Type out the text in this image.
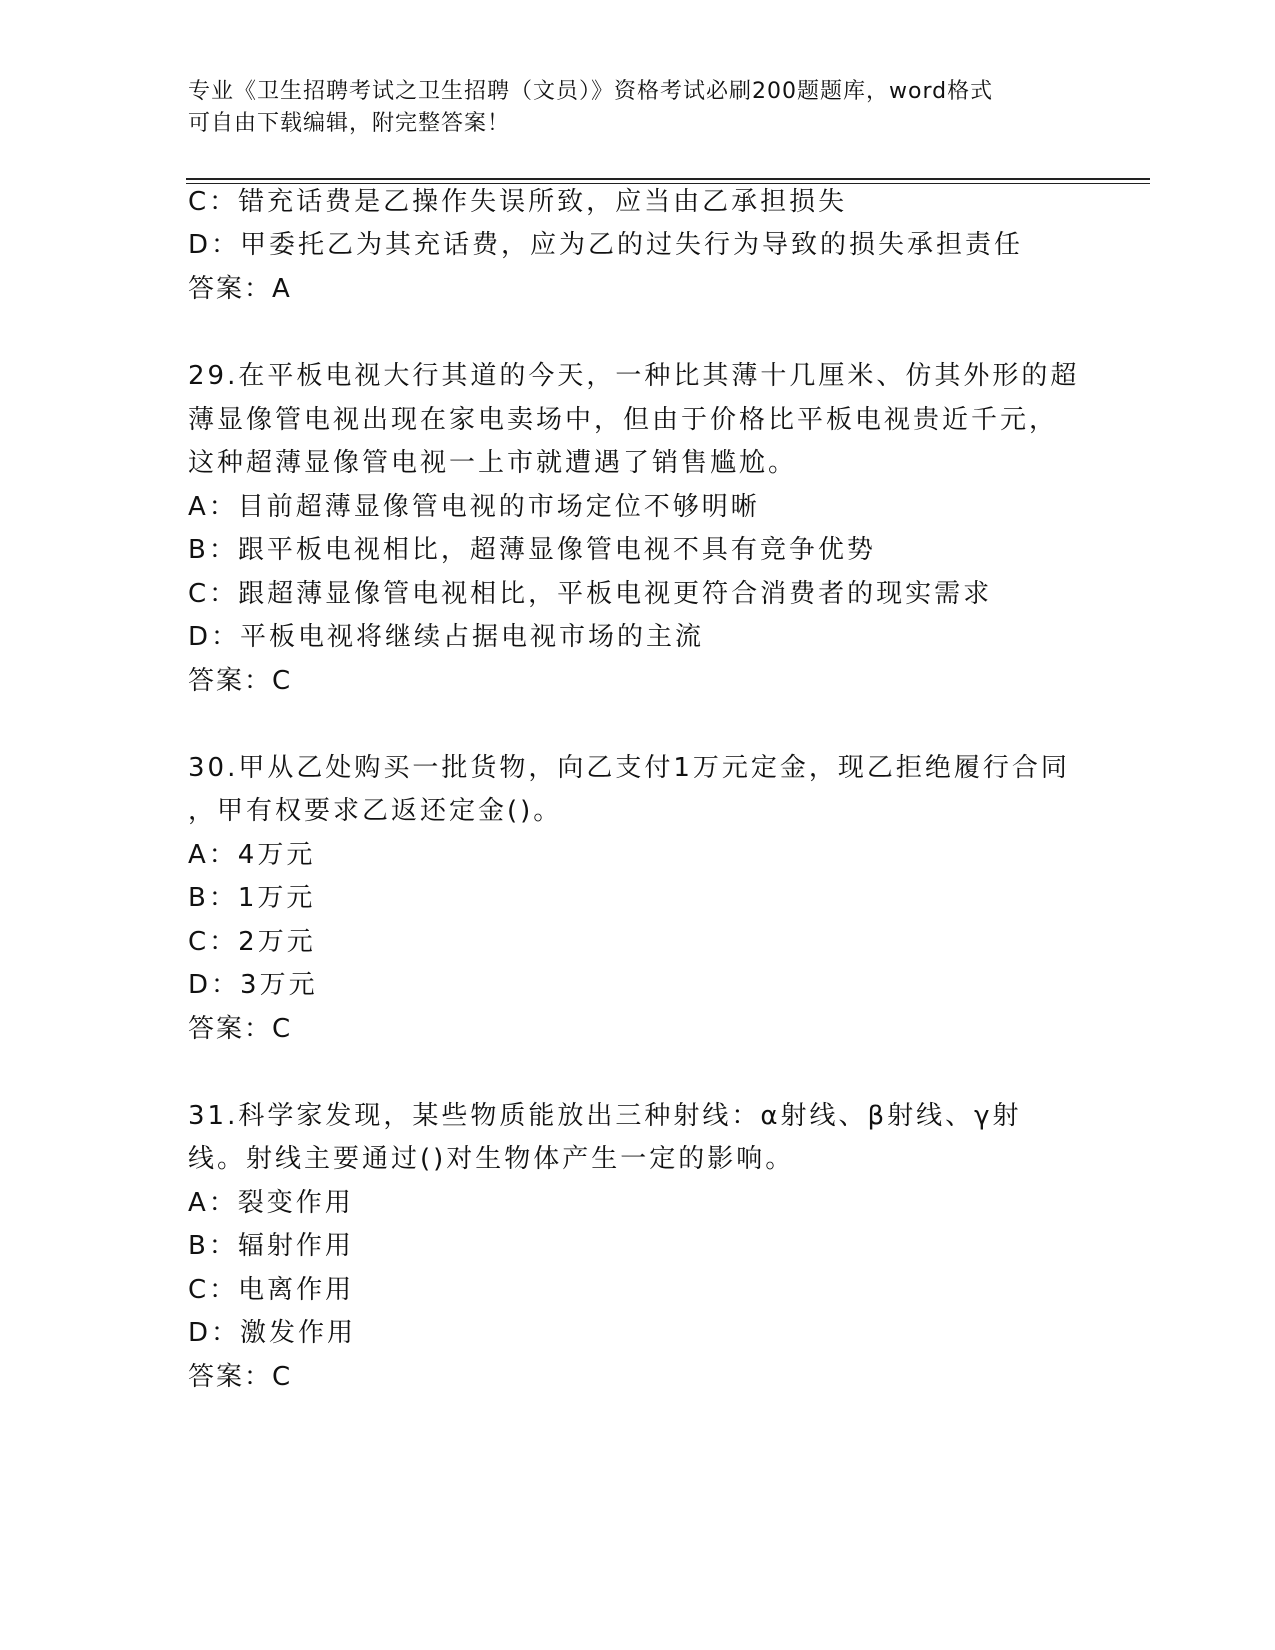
专业《卫生招聘考试之卫生招聘（文员）》资格考试必刷200题题库，word格式
可自由下载编辑，附完整答案！
C：错充话费是乙操作失误所致，应当由乙承担损失
D：甲委托乙为其充话费，应为乙的过失行为导致的损失承担责任
答案：A
29.在平板电视大行其道的今天，一种比其薄十几厘米、仿其外形的超
薄显像管电视出现在家电卖场中，但由于价格比平板电视贵近千元，
这种超薄显像管电视一上市就遭遇了销售尴尬。
A：目前超薄显像管电视的市场定位不够明晰
B：跟平板电视相比，超薄显像管电视不具有竞争优势
C：跟超薄显像管电视相比，平板电视更符合消费者的现实需求
D：平板电视将继续占据电视市场的主流
答案：C
30.甲从乙处购买一批货物，向乙支付1万元定金，现乙拒绝履行合同
，甲有权要求乙返还定金()。
A：4万元
B：1万元
C：2万元
D：3万元
答案：C
31.科学家发现，某些物质能放出三种射线：α射线、β射线、γ射
线。射线主要通过()对生物体产生一定的影响。
A：裂变作用
B：辐射作用
C：电离作用
D：激发作用
答案：C
